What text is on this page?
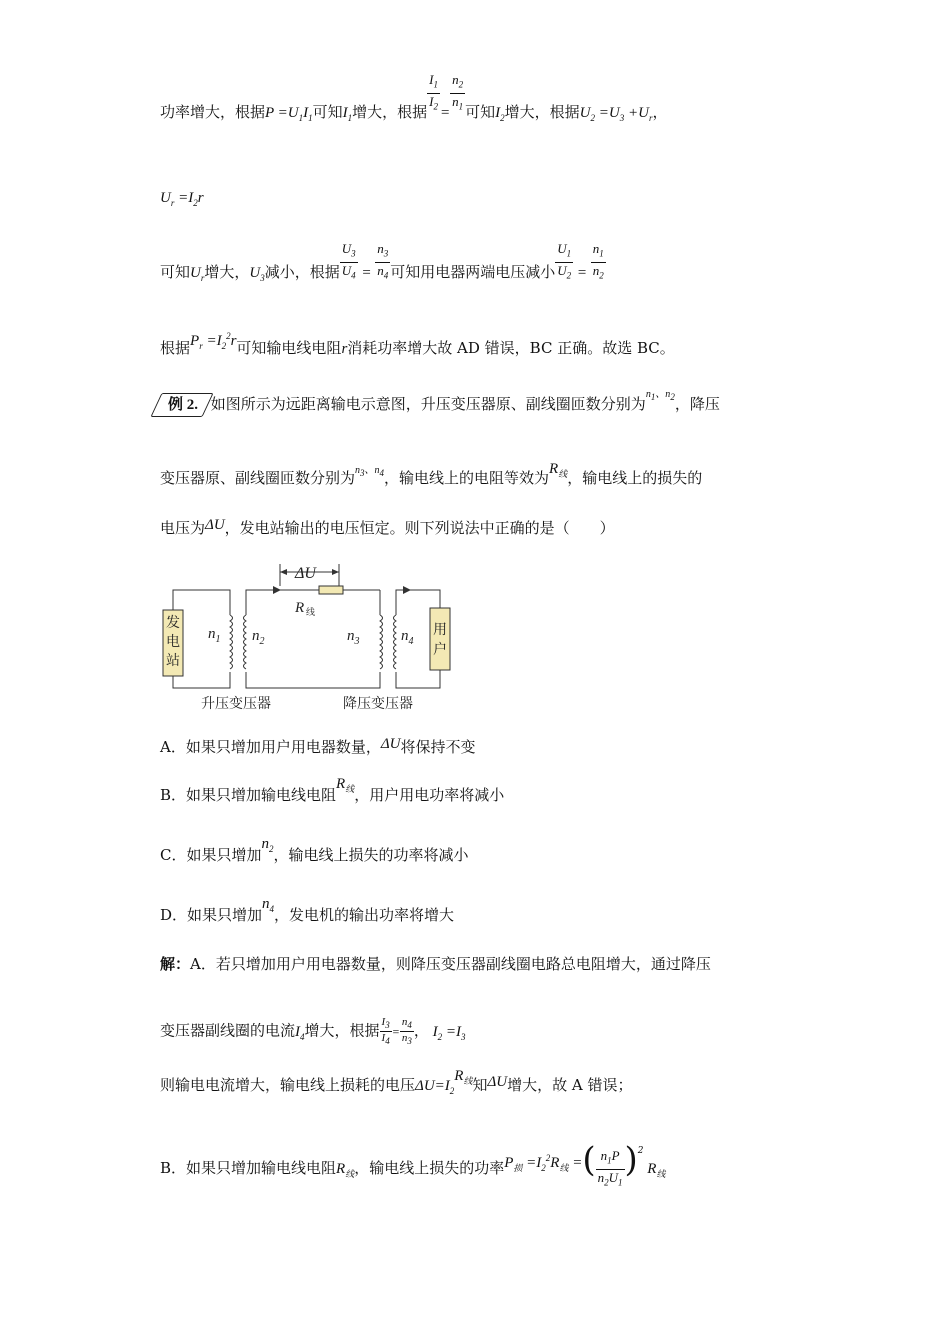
功率增大，根据$P =U_1I_1$可知$I_1$增大，根据 $\frac{I_1}{I_2} = \frac{n_2}{n_1}$ 可知$I_2$增大，根据$U_2 =U_3 +U_r$，
$U_r =I_2r$
可知$U_r$增大，$U_3$减小，根据 $\frac{U_3}{U_4} = \frac{n_3}{n_4}$ 可知用电器两端电压减小 $\frac{U_1}{U_2} = \frac{n_1}{n_2}$
根据$P_r =I_2^2r$可知输电线电阻r消耗功率增大故 AD 错误，BC 正确。故选 BC。
例 2. 如图所示为远距离输电示意图，升压变压器原、副线圈匝数分别为$^{n_1、n_2}$，降压
变压器原、副线圈匝数分别为$^{n_3、n_4}$，输电线上的电阻等效为$R_线$，输电线上的损失的
电压为ΔU，发电站输出的电压恒定。则下列说法中正确的是（　　）
发
电
站
R 线
ΔU
用
户
$n_1$ $n_2$	$n_3$	$n_4$
升压变压器	降压变压器
A．如果只增加用户用电器数量，ΔU将保持不变
B．如果只增加输电线电阻$R_线$，用户用电功率将减小
C．如果只增加$n_2$，输电线上损失的功率将减小
D．如果只增加$n_4$，发电机的输出功率将增大
解：A．若只增加用户用电器数量，则降压变压器副线圈电路总电阻增大，通过降压
变压器副线圈的电流$I_4$增大，根据 $\frac{I_3}{I_4} = \frac{n_4}{n_3}$ ， $I_2 =I_3$
则输电电流增大，输电线上损耗的电压$\Delta U=I_2R_线$知ΔU增大，故 A 错误；
B．如果只增加输电线电阻$R_线$，输电线上损失的功率$P_损 =I_2^2R_线$ =( $\frac{n_1P}{n_2U_1} )^2$ $R_线$
